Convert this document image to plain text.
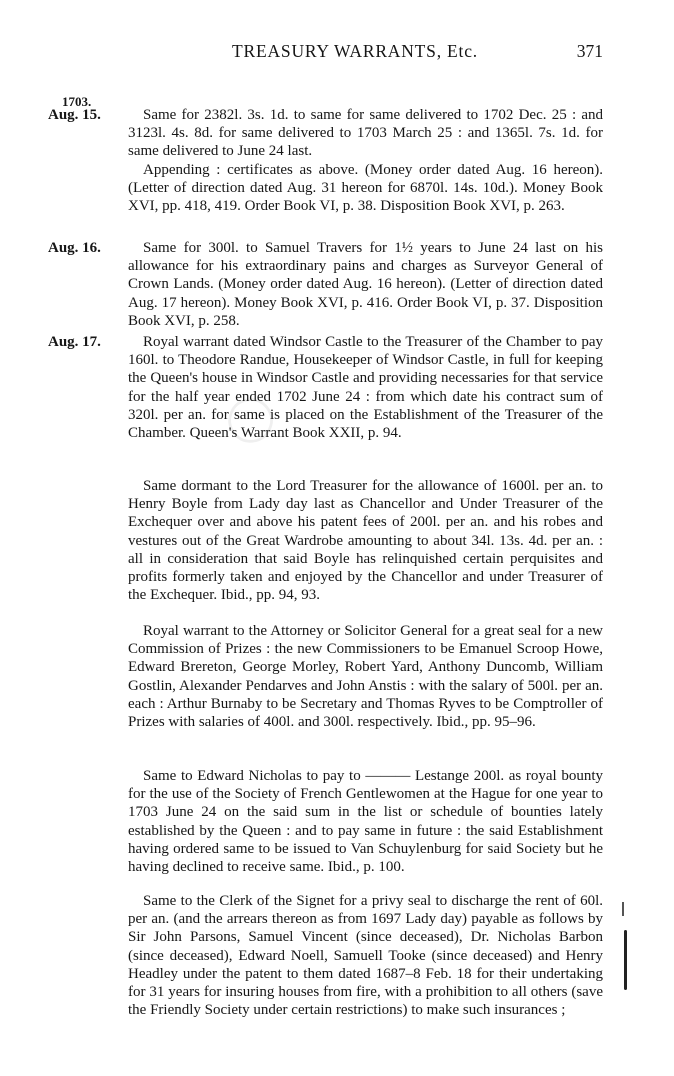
◯
TREASURY WARRANTS, Etc.	371
1703.
Aug. 15.	Same for 2382l. 3s. 1d. to same for same delivered to 1702 Dec. 25 : and 3123l. 4s. 8d. for same delivered to 1703 March 25 : and 1365l. 7s. 1d. for same delivered to June 24 last.
Appending : certificates as above. (Money order dated Aug. 16 hereon). (Letter of direction dated Aug. 31 hereon for 6870l. 14s. 10d.). Money Book XVI, pp. 418, 419. Order Book VI, p. 38. Disposition Book XVI, p. 263.
Aug. 16.	Same for 300l. to Samuel Travers for 1½ years to June 24 last on his allowance for his extraordinary pains and charges as Surveyor General of Crown Lands. (Money order dated Aug. 16 hereon). (Letter of direction dated Aug. 17 hereon). Money Book XVI, p. 416. Order Book VI, p. 37. Disposition Book XVI, p. 258.
Aug. 17.	Royal warrant dated Windsor Castle to the Treasurer of the Chamber to pay 160l. to Theodore Randue, Housekeeper of Windsor Castle, in full for keeping the Queen's house in Windsor Castle and providing necessaries for that service for the half year ended 1702 June 24 : from which date his contract sum of 320l. per an. for same is placed on the Establishment of the Treasurer of the Chamber. Queen's Warrant Book XXII, p. 94.
Same dormant to the Lord Treasurer for the allowance of 1600l. per an. to Henry Boyle from Lady day last as Chancellor and Under Treasurer of the Exchequer over and above his patent fees of 200l. per an. and his robes and vestures out of the Great Wardrobe amounting to about 34l. 13s. 4d. per an. : all in consideration that said Boyle has relinquished certain perquisites and profits formerly taken and enjoyed by the Chancellor and under Treasurer of the Exchequer. Ibid., pp. 94, 93.
Royal warrant to the Attorney or Solicitor General for a great seal for a new Commission of Prizes : the new Commissioners to be Emanuel Scroop Howe, Edward Brereton, George Morley, Robert Yard, Anthony Duncomb, William Gostlin, Alexander Pendarves and John Anstis : with the salary of 500l. per an. each : Arthur Burnaby to be Secretary and Thomas Ryves to be Comptroller of Prizes with salaries of 400l. and 300l. respectively. Ibid., pp. 95–96.
Same to Edward Nicholas to pay to ——— Lestange 200l. as royal bounty for the use of the Society of French Gentlewomen at the Hague for one year to 1703 June 24 on the said sum in the list or schedule of bounties lately established by the Queen : and to pay same in future : the said Establishment having ordered same to be issued to Van Schuylenburg for said Society but he having declined to receive same. Ibid., p. 100.
Same to the Clerk of the Signet for a privy seal to discharge the rent of 60l. per an. (and the arrears thereon as from 1697 Lady day) payable as follows by Sir John Parsons, Samuel Vincent (since deceased), Dr. Nicholas Barbon (since deceased), Edward Noell, Samuell Tooke (since deceased) and Henry Headley under the patent to them dated 1687–8 Feb. 18 for their undertaking for 31 years for insuring houses from fire, with a prohibition to all others (save the Friendly Society under certain restrictions) to make such insurances ;
